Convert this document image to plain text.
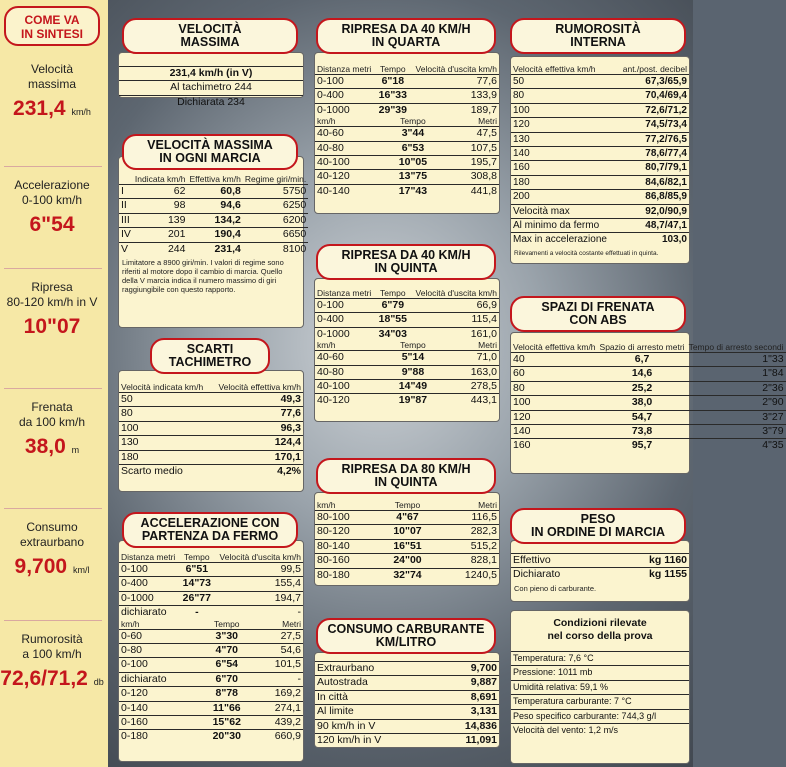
COME VA
IN SINTESI
Velocità
massima
231,4 km/h
Accelerazione
0-100 km/h
6"54
Ripresa
80-120 km/h in V
10"07
Frenata
da 100 km/h
38,0 m
Consumo
extraurbano
9,700 km/l
Rumorosità
a 100 km/h
72,6/71,2 db
231,4 km/h (in V)
Al tachimetro 244
Dichiarata 234
VELOCITÀ
MASSIMA
	Indicata km/h	Effettiva km/h	Regime giri/min.
I	62	60,8	5750
II	98	94,6	6250
III	139	134,2	6200
IV	201	190,4	6650
V	244	231,4	8100
Limitatore a 8900 giri/min. I valori di regime sono riferiti al motore dopo il cambio di marcia. Quello della V marcia indica il numero massimo di giri raggiungibile con questo rapporto.
VELOCITÀ MASSIMA
IN OGNI MARCIA
Velocità indicata km/h	Velocità effettiva km/h
50	49,3
80	77,6
100	96,3
130	124,4
180	170,1
Scarto medio	4,2%
SCARTI
TACHIMETRO
Distanza metri	Tempo	Velocità d'uscita km/h
0-100	6"51	99,5
0-400	14"73	155,4
0-1000	26"77	194,7
dichiarato	-	-
km/h	Tempo	Metri
0-60	3"30	27,5
0-80	4"70	54,6
0-100	6"54	101,5
dichiarato	6"70	-
0-120	8"78	169,2
0-140	11"66	274,1
0-160	15"62	439,2
0-180	20"30	660,9
ACCELERAZIONE CON
PARTENZA DA FERMO
Distanza metri	Tempo	Velocità d'uscita km/h
0-100	6"18	77,6
0-400	16"33	133,9
0-1000	29"39	189,7
km/h	Tempo	Metri
40-60	3"44	47,5
40-80	6"53	107,5
40-100	10"05	195,7
40-120	13"75	308,8
40-140	17"43	441,8
RIPRESA DA 40 KM/H
IN QUARTA
Distanza metri	Tempo	Velocità d'uscita km/h
0-100	6"79	66,9
0-400	18"55	115,4
0-1000	34"03	161,0
km/h	Tempo	Metri
40-60	5"14	71,0
40-80	9"88	163,0
40-100	14"49	278,5
40-120	19"87	443,1
RIPRESA DA 40 KM/H
IN QUINTA
km/h	Tempo	Metri
80-100	4"67	116,5
80-120	10"07	282,3
80-140	16"51	515,2
80-160	24"00	828,1
80-180	32"74	1240,5
RIPRESA DA 80 KM/H
IN QUINTA
Extraurbano	9,700
Autostrada	9,887
In città	8,691
Al limite	3,131
90 km/h in V	14,836
120 km/h in V	11,091
CONSUMO CARBURANTE
KM/LITRO
Velocità effettiva km/h	ant./post. decibel
50	67,3/65,9
80	70,4/69,4
100	72,6/71,2
120	74,5/73,4
130	77,2/76,5
140	78,6/77,4
160	80,7/79,1
180	84,6/82,1
200	86,8/85,9
Velocità max	92,0/90,9
Al minimo da fermo	48,7/47,1
Max in accelerazione	103,0
Rilevamenti a velocità costante effettuati in quinta.
RUMOROSITÀ
INTERNA
Velocità effettiva km/h	Spazio di arresto metri	Tempo di arresto secondi
40	6,7	1"33
60	14,6	1"84
80	25,2	2"36
100	38,0	2"90
120	54,7	3"27
140	73,8	3"79
160	95,7	4"35
SPAZI DI FRENATA
CON ABS
Effettivo	kg 1160
Dichiarato	kg 1155
Con pieno di carburante.
PESO
IN ORDINE DI MARCIA
Condizioni rilevate
nel corso della prova
Temperatura: 7,6 °C
Pressione: 1011 mb
Umidità relativa: 59,1 %
Temperatura carburante: 7 °C
Peso specifico carburante: 744,3 g/l
Velocità del vento: 1,2 m/s
